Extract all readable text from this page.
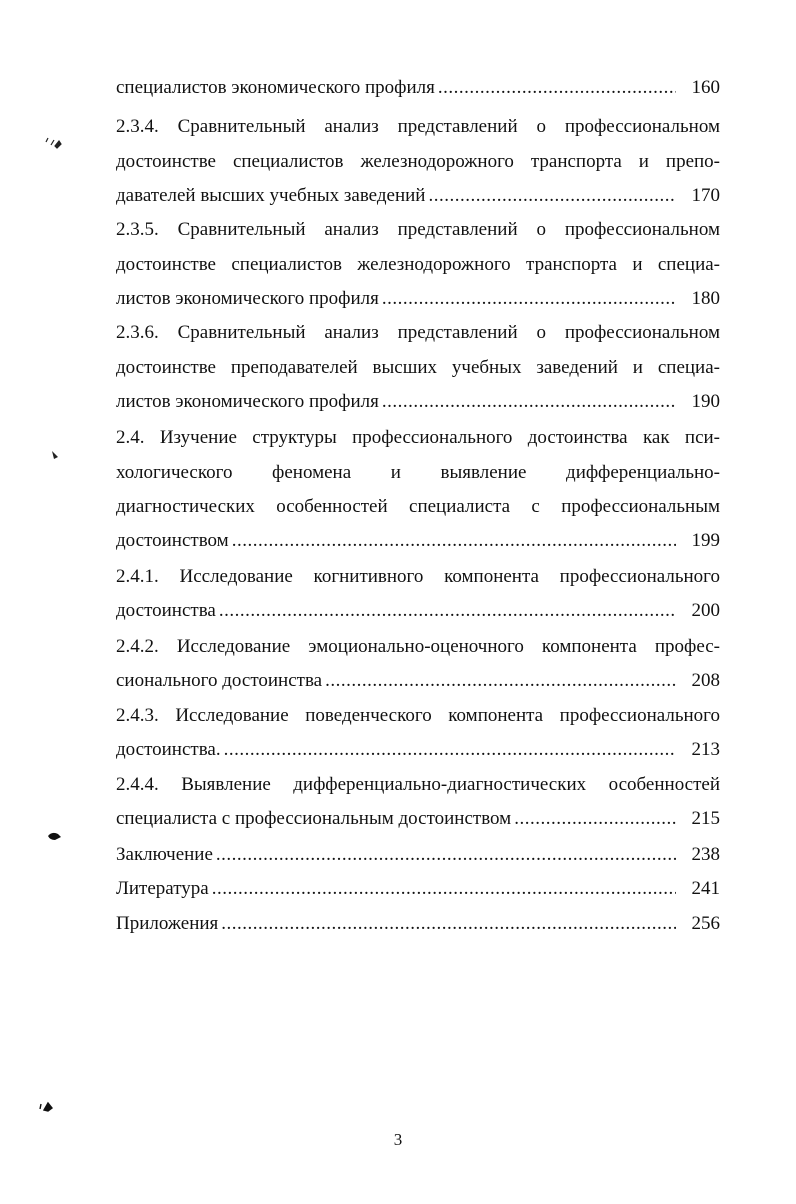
специалистов экономического профиля .....	160
2.3.4. Сравнительный анализ представлений о профессиональном
достоинстве специалистов железнодорожного транспорта и препо-
давателей высших учебных заведений .....	170
2.3.5. Сравнительный анализ представлений о профессиональном
достоинстве специалистов железнодорожного транспорта и специа-
листов экономического профиля .....	180
2.3.6. Сравнительный анализ представлений о профессиональном
достоинстве преподавателей высших учебных заведений и специа-
листов экономического профиля .....	190
2.4. Изучение структуры профессионального достоинства как пси-
хологического феномена и выявление дифференциально-
диагностических особенностей специалиста с профессиональным
достоинством .....	199
2.4.1. Исследование когнитивного компонента профессионального
достоинства .....	200
2.4.2. Исследование эмоционально-оценочного компонента профес-
сионального достоинства .....	208
2.4.3. Исследование поведенческого компонента профессионального
достоинства. .....	213
2.4.4. Выявление дифференциально-диагностических особенностей
специалиста с профессиональным достоинством .....	215
Заключение .....	238
Литература .....	241
Приложения .....	256
3
